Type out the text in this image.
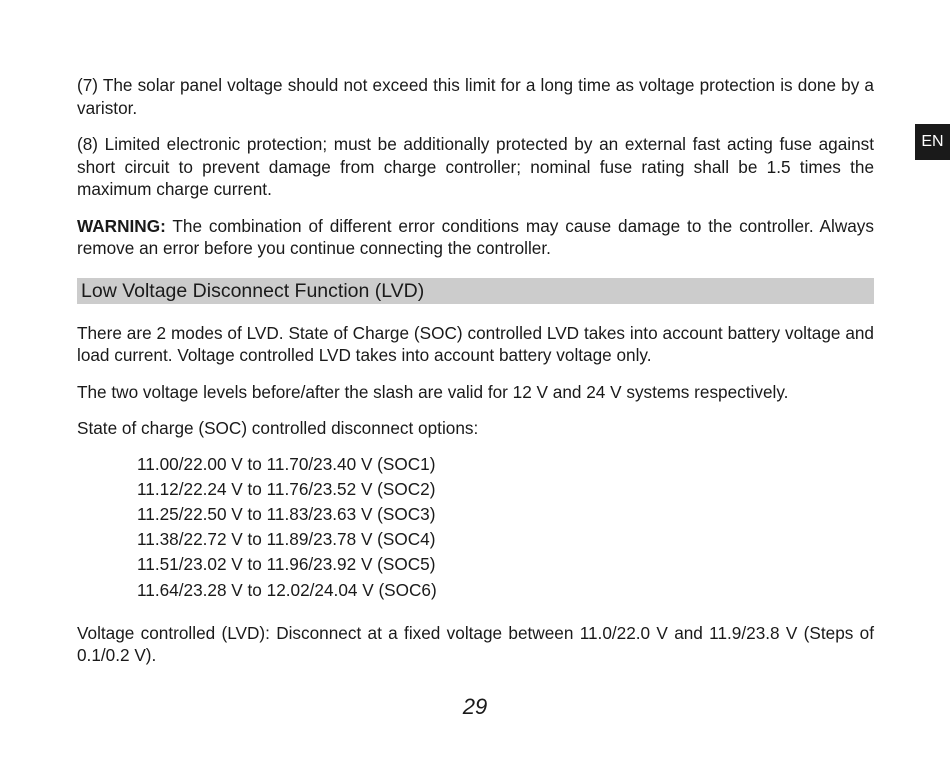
EN

(7) The solar panel voltage should not exceed this limit for a long time as voltage protection is done by a varistor.

(8) Limited electronic protection; must be additionally protected by an external fast acting fuse against short circuit to prevent damage from charge controller; nominal fuse rating shall be 1.5 times the maximum charge current.

WARNING: The combination of different error conditions may cause damage to the controller. Always remove an error before you continue connecting the controller.

Low Voltage Disconnect Function (LVD)

There are 2 modes of LVD. State of Charge (SOC) controlled LVD takes into account battery voltage and load current. Voltage controlled LVD takes into account battery voltage only.

The two voltage levels before/after the slash are valid for 12 V and 24 V systems respectively.

State of charge (SOC) controlled disconnect options:

11.00/22.00 V to 11.70/23.40 V (SOC1)
11.12/22.24 V to 11.76/23.52 V (SOC2)
11.25/22.50 V to 11.83/23.63 V (SOC3)
11.38/22.72 V to 11.89/23.78 V (SOC4)
11.51/23.02 V to 11.96/23.92 V (SOC5)
11.64/23.28 V to 12.02/24.04 V (SOC6)

Voltage controlled (LVD): Disconnect at a fixed voltage between 11.0/22.0 V and 11.9/23.8 V (Steps of 0.1/0.2 V).

29
